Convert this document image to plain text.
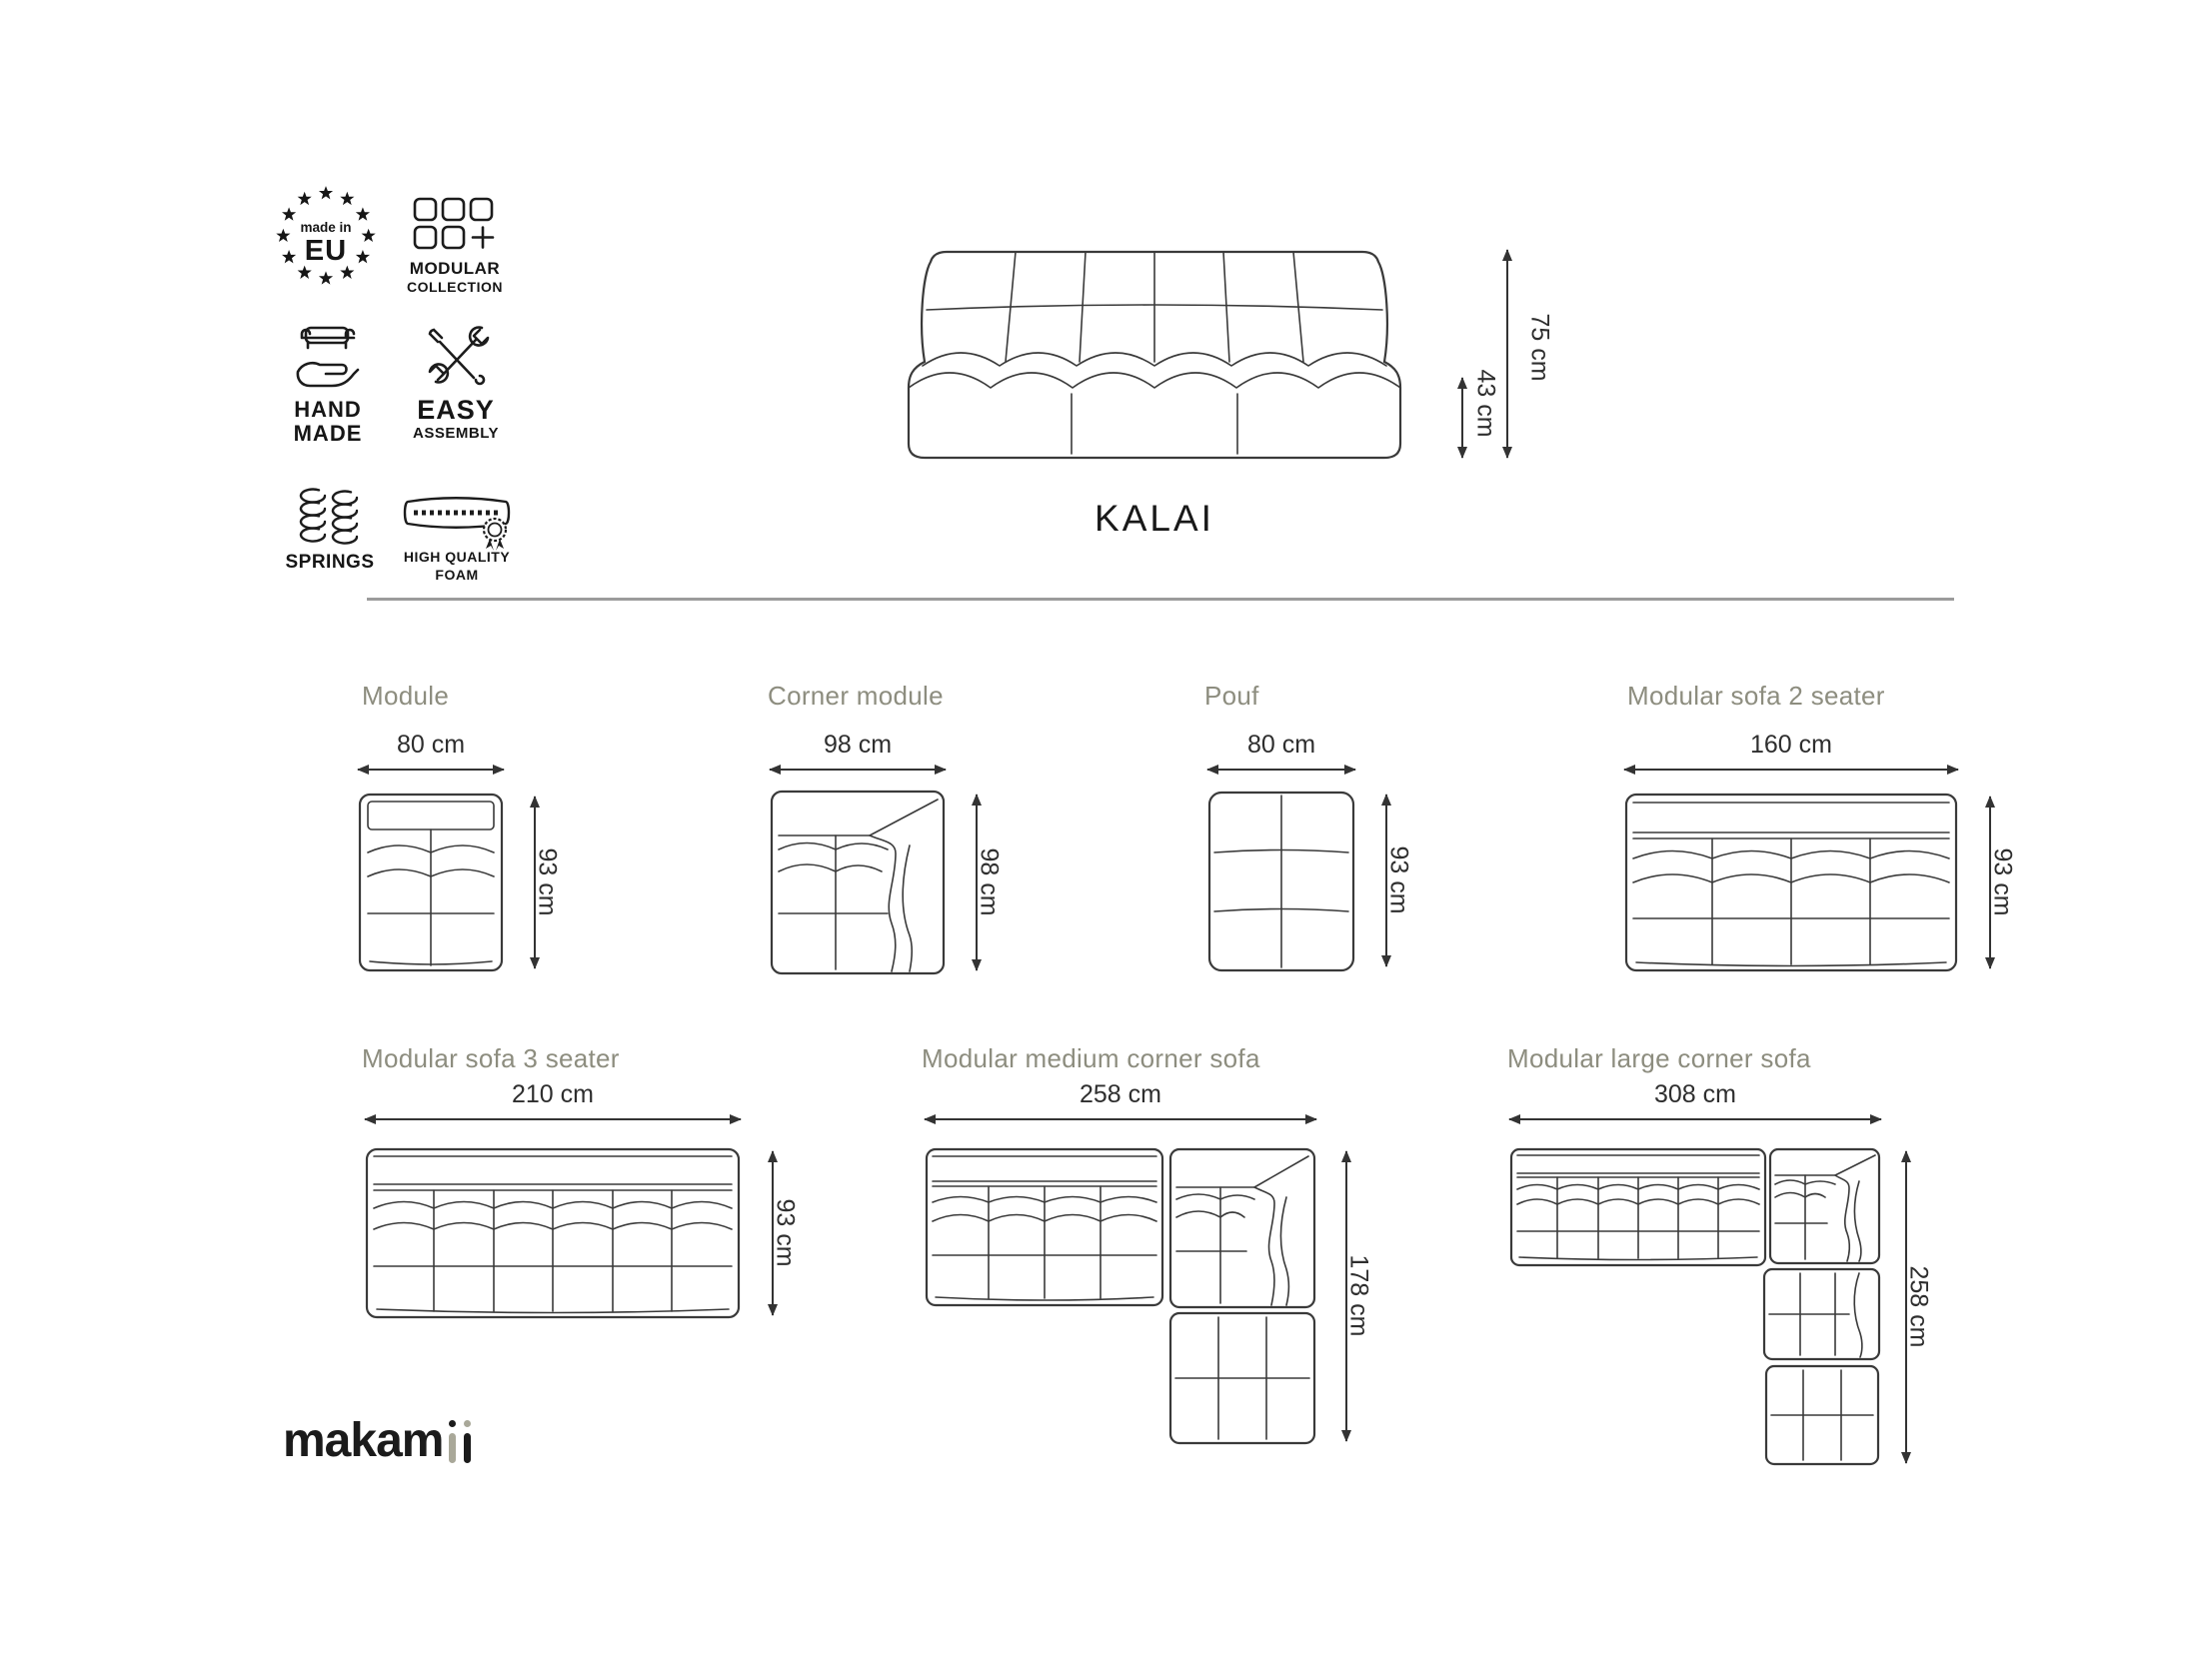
made in
EU
MODULAR
COLLECTION
HAND
MADE
EASY
ASSEMBLY
SPRINGS	HIGH QUALITY
FOAM
43 cm
75 cm
KALAI
Module
80 cm
93 cm
Corner module
98 cm
98 cm
Pouf
80 cm
93 cm
Modular sofa 2 seater
160 cm
93 cm
Modular sofa 3 seater
210 cm
93 cm
Modular medium corner sofa
258 cm
178 cm
Modular large corner sofa
308 cm
258 cm
makam
